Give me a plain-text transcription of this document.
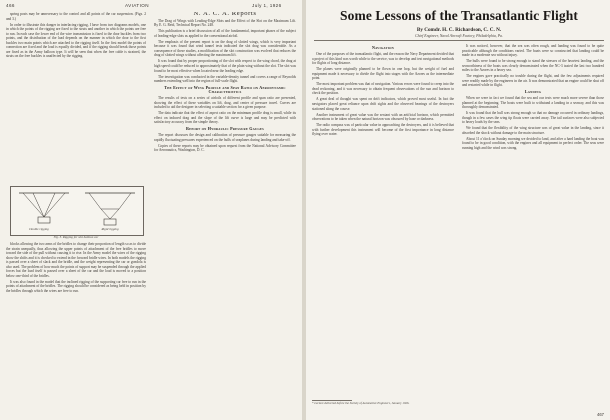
466	AVIATION	July 1, 1926

spring posts may be unnecessary to the control and all points of the car suspension. (Figs. 2 and 3.)

In order to illustrate this danger in interlacing rigging, I have from two diagrams models, one in which the points of the rigging are fixed to the struts and another in which the points are free to run. In each case the lower end of the wire transmission is fixed to the door buckles from two points, and the distribution of the load depends on the manner in which the door to the first buckles two main points which are attached to the rigging itself. In the first model the points of connection are fixed and the load is equally divided, and if the rigging should break those points are fixed as in the Army balloon type. It will be seen that when the free cable is strained, the struts on the free buckles is unaffected by the rigging.

Double rigging	Rigid rigging
Fig. 3. Rigging for slot balloon car

blocks allowing the two arms of the bridles to change their proportion of length so as to divide the strain unequally, thus allowing the upper points of attachment of the free bridles to move toward the side of the pull without causing it to rise. In the Army model the wires of the rigging show the shifts and it is checked to extend in the forward bridle wires. In both models the rigging is passed over a sheet of slack and the bridle, and the weight representing the car or gondola is also used. The problem of how much the points of support may be suspended through the applied forces but the load itself is passed over a sheet of the car and the load is moved to a position below one-third of the bridles.

It was also found in the model that the inclined rigging of the supporting car free to run in the points of attachment of the bridles. The rigging should be considered as being held in position by the bridles through which the wires are free to run.

N. A. C. A. Reports

The Drag of Wings with Leading-Edge Slots and the Effect of the Slot on the Maximum Lift. By E. G. Reid, Technical Report No. 248.

This publication is a brief discussion of all of the fundamental, important phases of the subject of leading-edge slots as applied to the conventional airfoil.

The emphasis of the present report is on the drag of slotted wings, which is very important because it was found that wind tunnel tests indicated the slot drag was considerable. As a consequence of these studies, a modification of the slot construction was evolved that reduces the drag of slotted wings without affecting the maximum lift.

It was found that by proper proportioning of the slot with respect to the wing chord, the drag at high speed could be reduced to approximately that of the plain wing without the slot. The slot was found to be most effective when located near the leading edge.

The investigation was conducted in the variable-density tunnel and covers a range of Reynolds numbers extending well into the region of full-scale flight.

The Effect of Wing Profile and Span Ratio on Aerodynamic Characteristics

The results of tests on a series of airfoils of different profile and span ratio are presented, showing the effect of these variables on lift, drag, and center of pressure travel. Curves are included to aid the designer in selecting a suitable section for a given purpose.

The data indicate that the effect of aspect ratio on the minimum profile drag is small, while its effect on induced drag and the slope of the lift curve is large and may be predicted with satisfactory accuracy from the simple theory.

Report on Hydraulic Pressure Gauges

The report discusses the design and calibration of pressure gauges suitable for measuring the rapidly fluctuating pressures experienced on the hulls of seaplanes during landing and take-off.

Copies of these reports may be obtained upon request from the National Advisory Committee for Aeronautics, Washington, D. C.

Some Lessons of the Transatlantic Flight
By Comdr. H. C. Richardson, C. C. N.
Chief Engineer, Naval Aircraft Factory, Philadelphia, Pa.
Navigation

One of the purposes of the transatlantic flight, and the reason the Navy Department decided that a project of this kind was worth while to the service, was to develop and test navigational methods for flights of long distance.

The planes were originally planned to be flown in one hop, but the weight of fuel and equipment made it necessary to divide the flight into stages with the Azores as the intermediate point.

The most important problem was that of navigation. Various errors were found to creep into the dead reckoning, and it was necessary to obtain frequent observations of the sun and horizon to check the position.

A great deal of thought was spent on drift indicators, which proved most useful. In fact the navigators placed great reliance upon drift sights and the observed bearings of the destroyers stationed along the course.

Another instrument of great value was the sextant with an artificial horizon, which permitted observations to be taken when the natural horizon was obscured by haze or darkness.

The radio compass was of particular value in approaching the destroyers, and it is believed that with further development this instrument will become of the first importance in long distance flying over water.

* Lecture delivered before the Society of Automotive Engineers, January 1926.

It was noticed, however, that the sea was often rough, and landing was found to be quite practicable although the conditions varied. The boats were so constructed that landing could be made in a moderate sea without injury.

The hulls were found to be strong enough to stand the stresses of the heaviest landing, and the seaworthiness of the boats was clearly demonstrated when the NC-3 taxied the last two hundred miles to the Azores in a heavy sea.

The engines gave practically no trouble during the flight, and the few adjustments required were readily made by the engineers in the air. It was demonstrated that an engine could be shut off and restarted while in flight.

Landing

When we were in fact we found that the sea and our tests were much more severe than those planned at the beginning. The boats were built to withstand a landing in a seaway, and this was thoroughly demonstrated.

It was found that the hull was strong enough so that no damage occurred in ordinary landings, though in a few cases the wing tip floats were carried away. The tail surfaces were also subjected to heavy loads by the seas.

We found that the flexibility of the wing structure was of great value in the landing, since it absorbed the shock without damage to the main structure.

About 11 o'clock on Sunday morning we decided to land, and after a hard landing the boat was found to be in good condition, with the engines and all equipment in perfect order. The seas were running high and the wind was strong.

467
